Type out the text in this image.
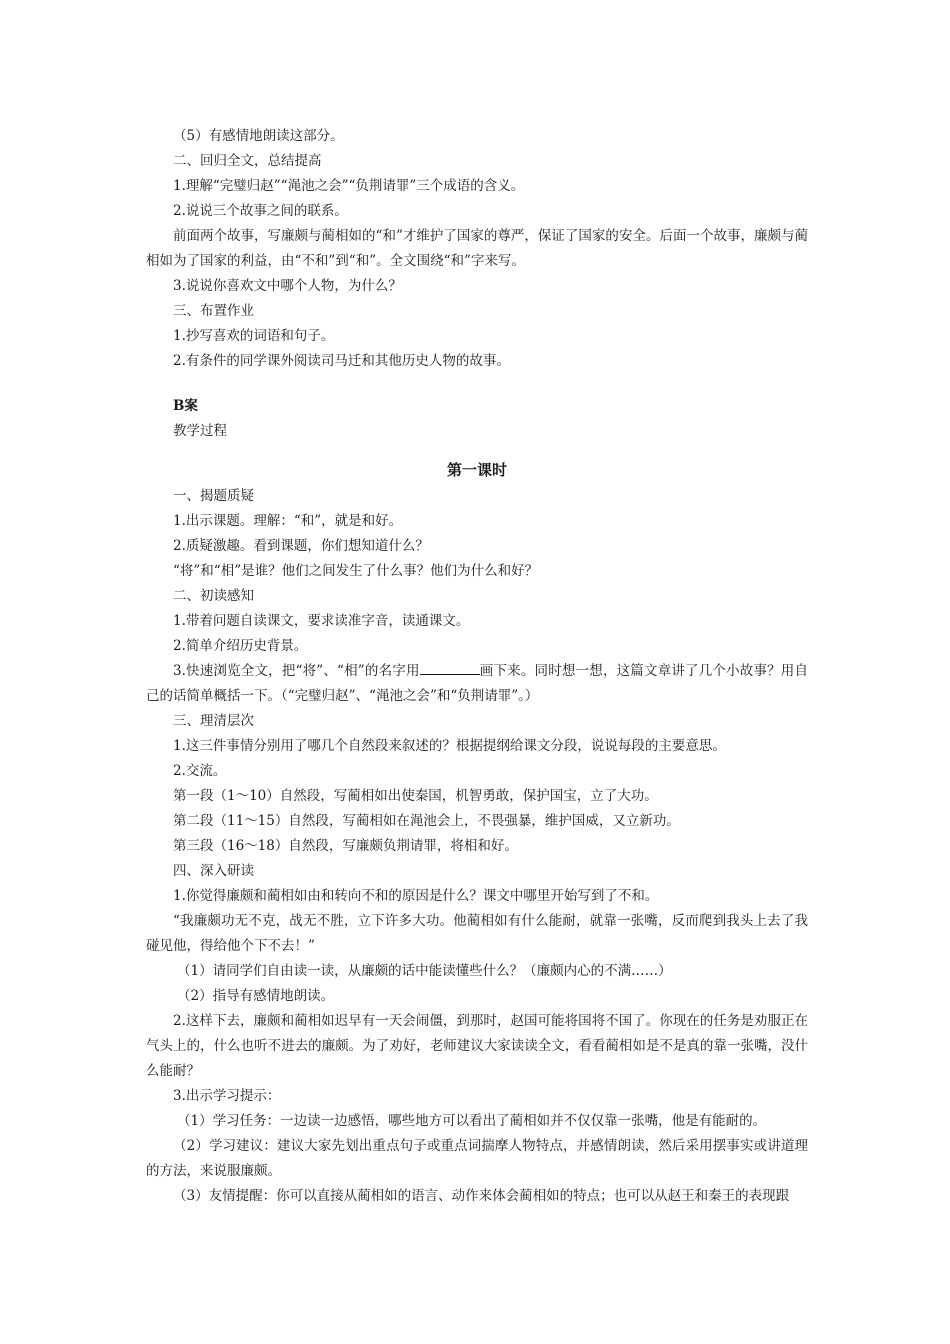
（5）有感情地朗读这部分。
二、回归全文，总结提高
1.理解“完璧归赵”“渑池之会”“负荆请罪”三个成语的含义。
2.说说三个故事之间的联系。
前面两个故事，写廉颇与蔺相如的“和”才维护了国家的尊严，保证了国家的安全。后面一个故事，廉颇与蔺相如为了国家的利益，由“不和”到“和”。全文围绕“和”字来写。
3.说说你喜欢文中哪个人物，为什么？
三、布置作业
1.抄写喜欢的词语和句子。
2.有条件的同学课外阅读司马迁和其他历史人物的故事。
B案
教学过程
第一课时
一、揭题质疑
1.出示课题。理解：“和”，就是和好。
2.质疑激趣。看到课题，你们想知道什么？
“将”和“相”是谁？他们之间发生了什么事？他们为什么和好？
二、初读感知
1.带着问题自读课文，要求读准字音，读通课文。
2.简单介绍历史背景。
3.快速浏览全文，把“将”、“相”的名字用	画下来。同时想一想，这篇文章讲了几个小故事？用自己的话简单概括一下。（“完璧归赵”、“渑池之会”和“负荆请罪”。）
三、理清层次
1.这三件事情分别用了哪几个自然段来叙述的？根据提纲给课文分段，说说每段的主要意思。
2.交流。
第一段（1～10）自然段，写蔺相如出使秦国，机智勇敢，保护国宝，立了大功。
第二段（11～15）自然段，写蔺相如在渑池会上，不畏强暴，维护国威，又立新功。
第三段（16～18）自然段，写廉颇负荆请罪，将相和好。
四、深入研读
1.你觉得廉颇和蔺相如由和转向不和的原因是什么？课文中哪里开始写到了不和。
“我廉颇功无不克，战无不胜，立下许多大功。他蔺相如有什么能耐，就靠一张嘴，反而爬到我头上去了我碰见他，得给他个下不去！”
（1）请同学们自由读一读，从廉颇的话中能读懂些什么？（廉颇内心的不满……）
（2）指导有感情地朗读。
2.这样下去，廉颇和蔺相如迟早有一天会闹僵，到那时，赵国可能将国将不国了。你现在的任务是劝服正在气头上的，什么也听不进去的廉颇。为了劝好，老师建议大家读读全文，看看蔺相如是不是真的靠一张嘴，没什么能耐？
3.出示学习提示：
（1）学习任务：一边读一边感悟，哪些地方可以看出了蔺相如并不仅仅靠一张嘴，他是有能耐的。
（2）学习建议：建议大家先划出重点句子或重点词揣摩人物特点，并感情朗读，然后采用摆事实或讲道理的方法，来说服廉颇。
（3）友情提醒：你可以直接从蔺相如的语言、动作来体会蔺相如的特点；也可以从赵王和秦王的表现跟
